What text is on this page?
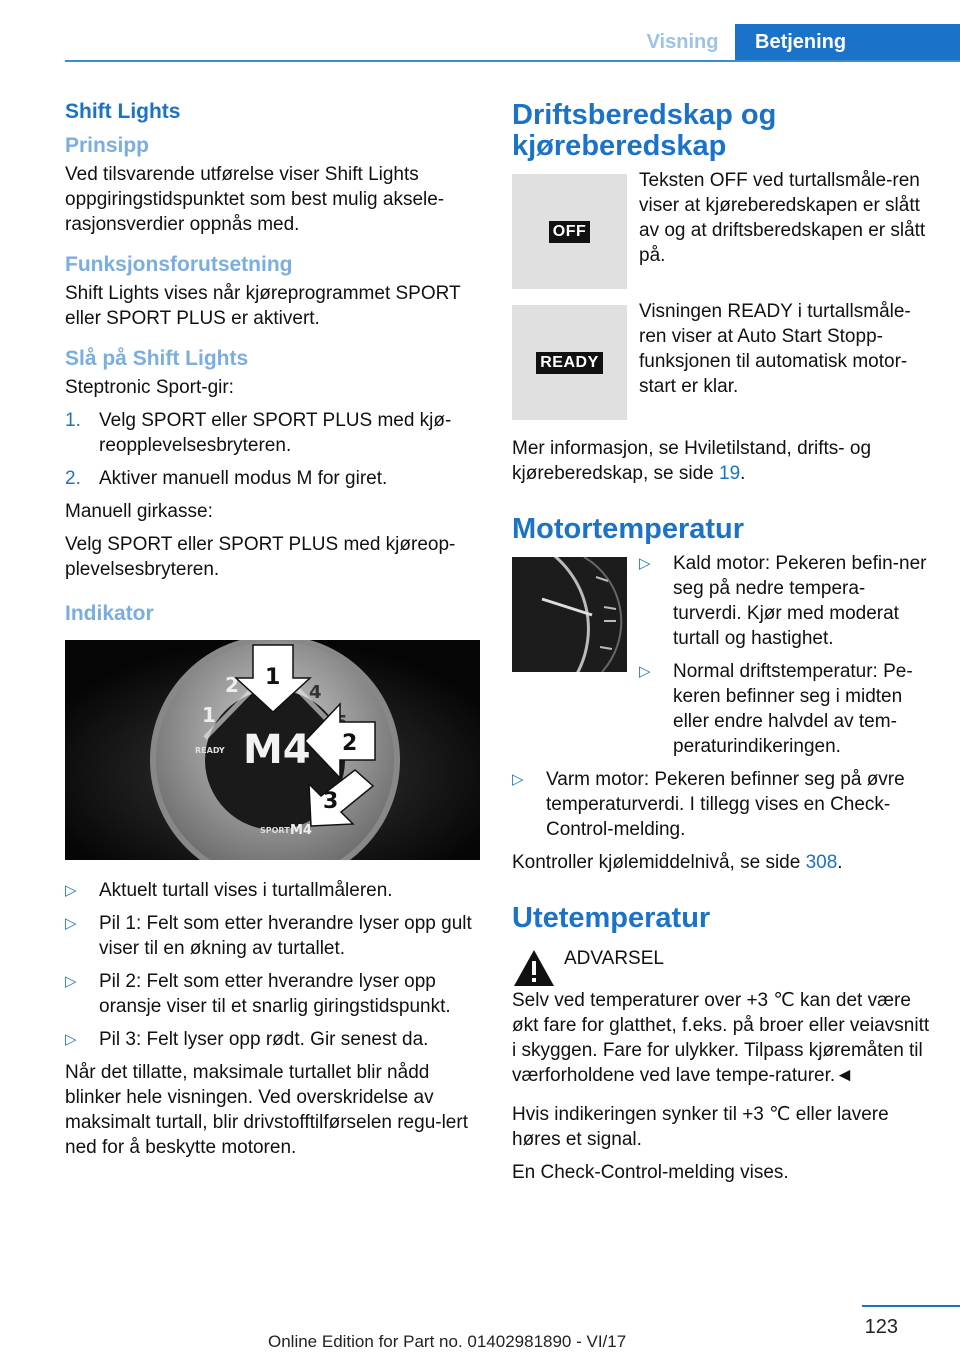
Visning	Betjening
Shift Lights
Prinsipp

Ved tilsvarende utførelse viser Shift Lights oppgiringstidspunktet som best mulig aksele-rasjonsverdier oppnås med.

Funksjonsforutsetning

Shift Lights vises når kjøreprogrammet SPORT eller SPORT PLUS er aktivert.

Slå på Shift Lights

Steptronic Sport-gir:

1. Velg SPORT eller SPORT PLUS med kjø-reopplevelsesbryteren.
2. Aktiver manuell modus M for giret.

Manuell girkasse:

Velg SPORT eller SPORT PLUS med kjøreop-plevelsesbryteren.

Indikator
2
1
4
1
2
3
READY M4
SPORT M4
▷	Aktuelt turtall vises i turtallmåleren.
▷	Pil 1: Felt som etter hverandre lyser opp gult viser til en økning av turtallet.
▷	Pil 2: Felt som etter hverandre lyser opp oransje viser til et snarlig giringstidspunkt.
▷	Pil 3: Felt lyser opp rødt. Gir senest da.

Når det tillatte, maksimale turtallet blir nådd blinker hele visningen. Ved overskridelse av maksimalt turtall, blir drivstofftilførselen regu-lert ned for å beskytte motoren.

Driftsberedskap og kjøreberedskap
OFF
Teksten OFF ved turtallsmåle-ren viser at kjøreberedskapen er slått av og at driftsberedskapen er slått på.
READY
Visningen READY i turtallsmåle-ren viser at Auto Start Stopp-funksjonen til automatisk motor-start er klar.

Mer informasjon, se Hviletilstand, drifts- og kjøreberedskap, se side 19.

Motortemperatur
▷	Kald motor: Pekeren befin-ner seg på nedre tempera-turverdi. Kjør med moderat turtall og hastighet.
▷	Normal driftstemperatur: Pe-keren befinner seg i midten eller endre halvdel av tem-peraturindikeringen.
▷	Varm motor: Pekeren befinner seg på øvre temperaturverdi. I tillegg vises en Check-Control-melding.

Kontroller kjølemiddelnivå, se side 308.

Utetemperatur
ADVARSEL

Selv ved temperaturer over +3 ℃ kan det være økt fare for glatthet, f.eks. på broer eller veiavsnitt i skyggen. Fare for ulykker. Tilpass kjøremåten til værforholdene ved lave tempe-raturer.◄

Hvis indikeringen synker til +3 ℃ eller lavere høres et signal.

En Check-Control-melding vises.

123
Online Edition for Part no. 01402981890 - VI/17
